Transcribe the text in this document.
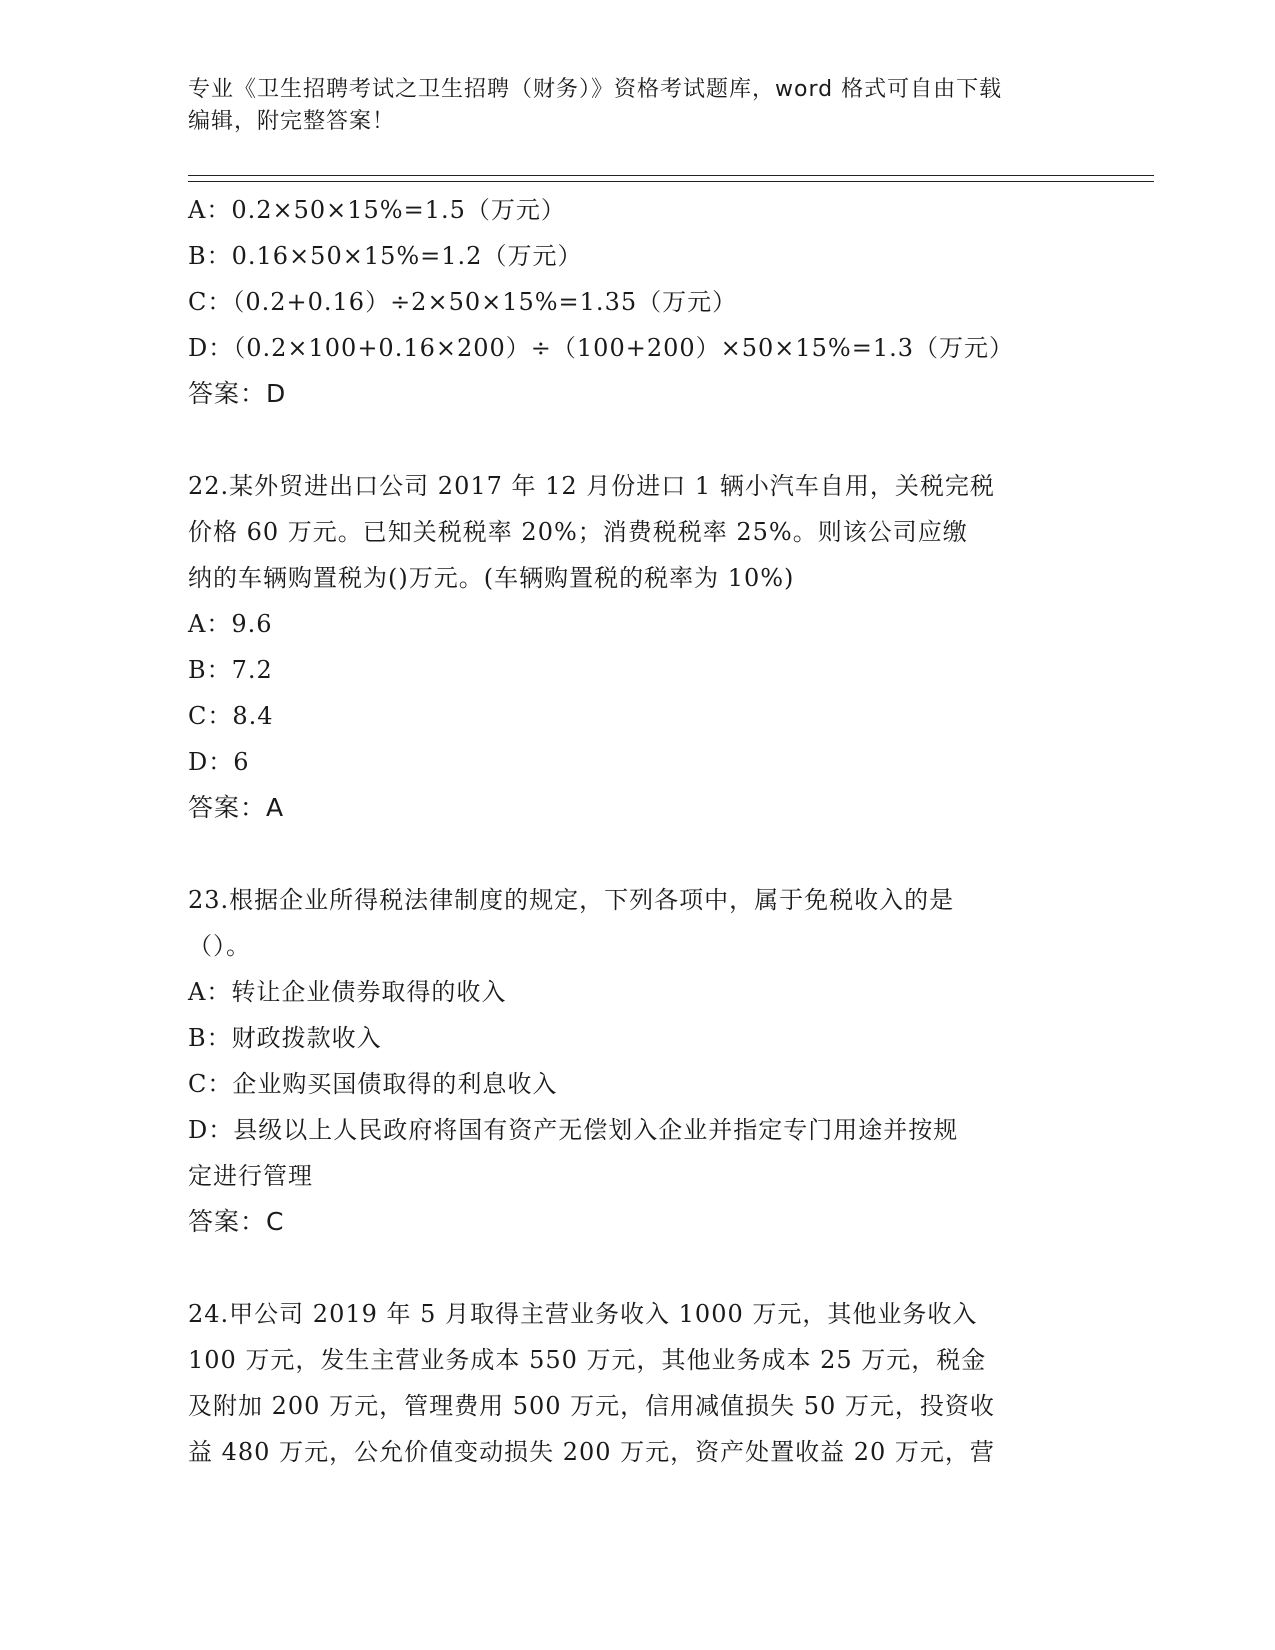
专业《卫生招聘考试之卫生招聘（财务）》资格考试题库，word 格式可自由下载
编辑，附完整答案！
A：0.2×50×15%=1.5（万元）
B：0.16×50×15%=1.2（万元）
C：（0.2+0.16）÷2×50×15%=1.35（万元）
D：（0.2×100+0.16×200）÷（100+200）×50×15%=1.3（万元）
答案：D
22.某外贸进出口公司 2017 年 12 月份进口 1 辆小汽车自用，关税完税
价格 60 万元。已知关税税率 20%；消费税税率 25%。则该公司应缴
纳的车辆购置税为()万元。(车辆购置税的税率为 10%)
A：9.6
B：7.2
C：8.4
D：6
答案：A
23.根据企业所得税法律制度的规定，下列各项中，属于免税收入的是
（）。
A：转让企业债券取得的收入
B：财政拨款收入
C：企业购买国债取得的利息收入
D：县级以上人民政府将国有资产无偿划入企业并指定专门用途并按规
定进行管理
答案：C
24.甲公司 2019 年 5 月取得主营业务收入 1000 万元，其他业务收入
100 万元，发生主营业务成本 550 万元，其他业务成本 25 万元，税金
及附加 200 万元，管理费用 500 万元，信用减值损失 50 万元，投资收
益 480 万元，公允价值变动损失 200 万元，资产处置收益 20 万元，营
